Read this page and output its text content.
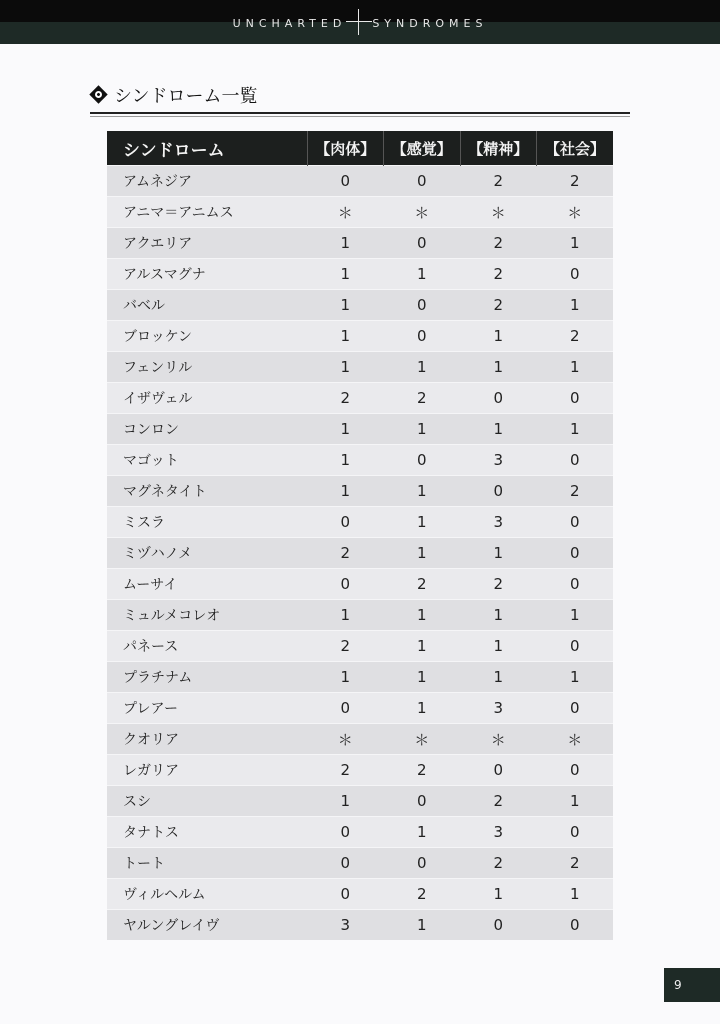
UNCHARTED SYNDROMES
シンドローム一覧
シンドローム	【肉体】	【感覚】	【精神】	【社会】
アムネジア	0	0	2	2
アニマ＝アニムス	＊	＊	＊	＊
アクエリア	1	0	2	1
アルスマグナ	1	1	2	0
バベル	1	0	2	1
ブロッケン	1	0	1	2
フェンリル	1	1	1	1
イザヴェル	2	2	0	0
コンロン	1	1	1	1
マゴット	1	0	3	0
マグネタイト	1	1	0	2
ミスラ	0	1	3	0
ミヅハノメ	2	1	1	0
ムーサイ	0	2	2	0
ミュルメコレオ	1	1	1	1
パネース	2	1	1	0
プラチナム	1	1	1	1
プレアー	0	1	3	0
クオリア	＊	＊	＊	＊
レガリア	2	2	0	0
スシ	1	0	2	1
タナトス	0	1	3	0
トート	0	0	2	2
ヴィルヘルム	0	2	1	1
ヤルングレイヴ	3	1	0	0
9
